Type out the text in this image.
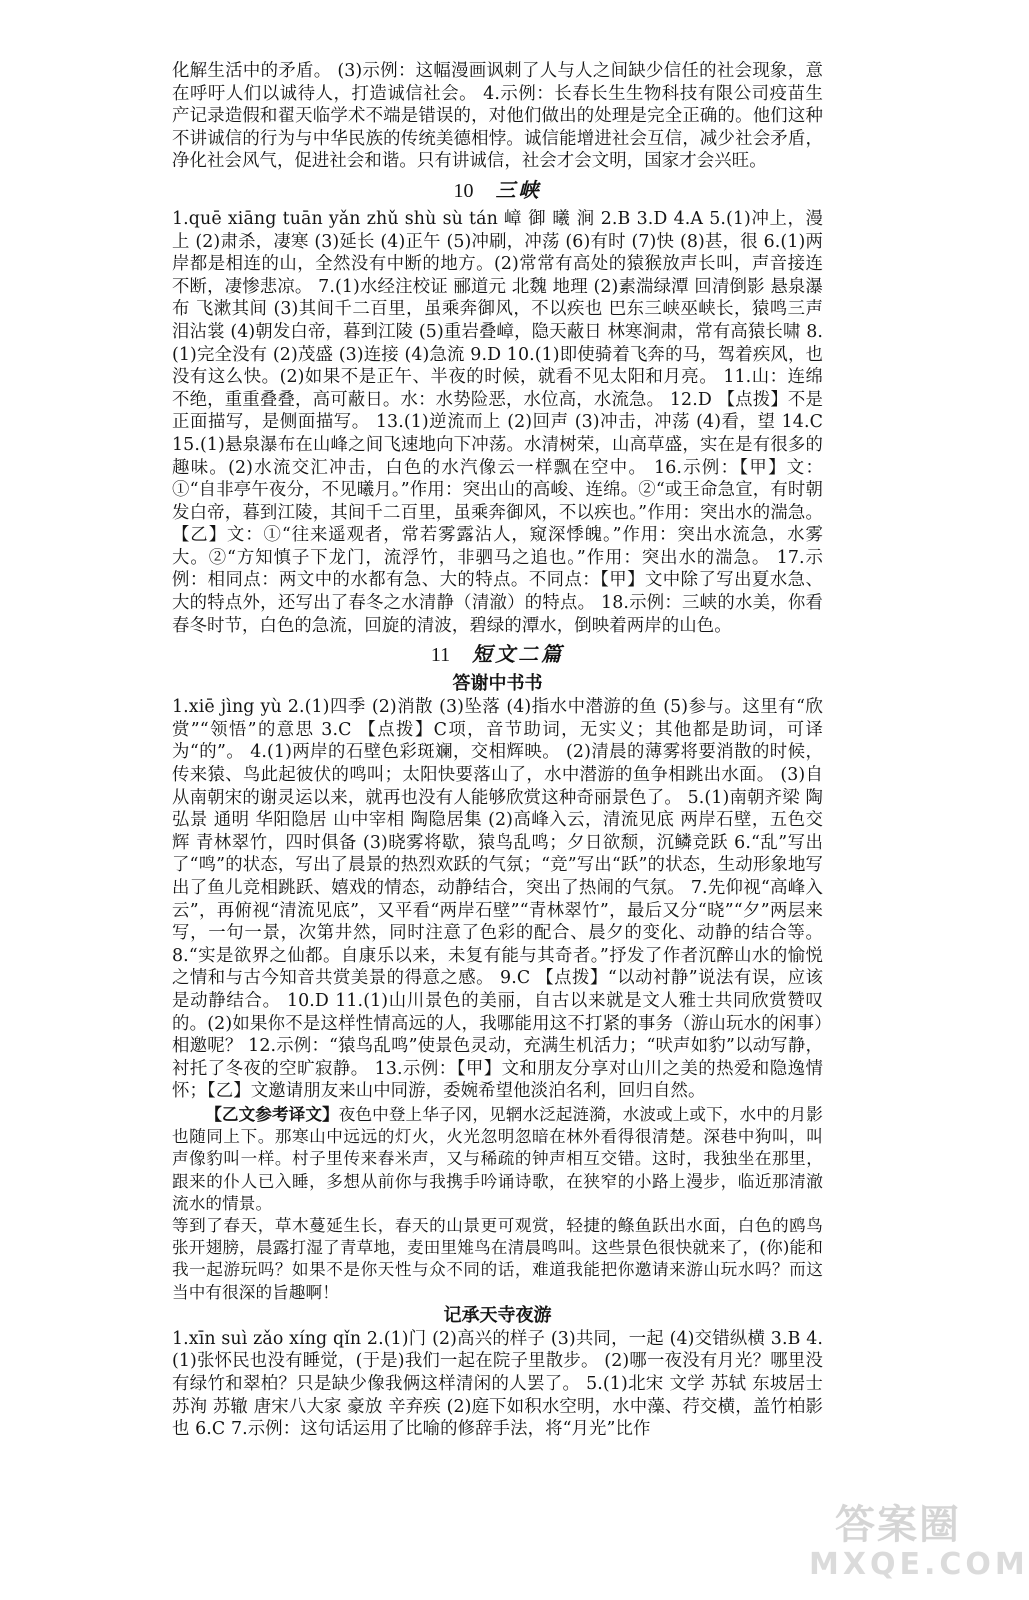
化解生活中的矛盾。 (3)示例：这幅漫画讽刺了人与人之间缺少信任的社会现象，意在呼吁人们以诚待人，打造诚信社会。 4.示例：长春长生生物科技有限公司疫苗生产记录造假和翟天临学术不端是错误的，对他们做出的处理是完全正确的。他们这种不讲诚信的行为与中华民族的传统美德相悖。诚信能增进社会互信，减少社会矛盾，净化社会风气，促进社会和谐。只有讲诚信，社会才会文明，国家才会兴旺。

10 三峡

1.quē xiāng tuān yǎn zhǔ shù sù tán 嶂 御 曦 涧 2.B 3.D 4.A 5.(1)冲上，漫上 (2)肃杀，凄寒 (3)延长 (4)正午 (5)冲刷，冲荡 (6)有时 (7)快 (8)甚，很 6.(1)两岸都是相连的山，全然没有中断的地方。(2)常常有高处的猿猴放声长叫，声音接连不断，凄惨悲凉。 7.(1)水经注校证 郦道元 北魏 地理 (2)素湍绿潭 回清倒影 悬泉瀑布 飞漱其间 (3)其间千二百里，虽乘奔御风，不以疾也 巴东三峡巫峡长，猿鸣三声泪沾裳 (4)朝发白帝，暮到江陵 (5)重岩叠嶂，隐天蔽日 林寒涧肃，常有高猿长啸 8.(1)完全没有 (2)茂盛 (3)连接 (4)急流 9.D 10.(1)即使骑着飞奔的马，驾着疾风，也没有这么快。(2)如果不是正午、半夜的时候，就看不见太阳和月亮。 11.山：连绵不绝，重重叠叠，高可蔽日。水：水势险恶，水位高，水流急。 12.D 【点拨】不是正面描写，是侧面描写。 13.(1)逆流而上 (2)回声 (3)冲击，冲荡 (4)看，望 14.C 15.(1)悬泉瀑布在山峰之间飞速地向下冲荡。水清树荣，山高草盛，实在是有很多的趣味。(2)水流交汇冲击，白色的水汽像云一样飘在空中。 16.示例：【甲】文：①“自非亭午夜分，不见曦月。”作用：突出山的高峻、连绵。②“或王命急宣，有时朝发白帝，暮到江陵，其间千二百里，虽乘奔御风，不以疾也。”作用：突出水的湍急。【乙】文：①“往来遥观者，常若雾露沾人，窥深悸魄。”作用：突出水流急，水雾大。②“方知慎子下龙门，流浮竹，非驷马之追也。”作用：突出水的湍急。 17.示例：相同点：两文中的水都有急、大的特点。不同点：【甲】文中除了写出夏水急、大的特点外，还写出了春冬之水清静（清澈）的特点。 18.示例：三峡的水美，你看春冬时节，白色的急流，回旋的清波，碧绿的潭水，倒映着两岸的山色。

11 短文二篇
答谢中书书

1.xiē jìng yù 2.(1)四季 (2)消散 (3)坠落 (4)指水中潜游的鱼 (5)参与。这里有“欣赏”“领悟”的意思 3.C 【点拨】C项，音节助词，无实义；其他都是助词，可译为“的”。 4.(1)两岸的石壁色彩斑斓，交相辉映。 (2)清晨的薄雾将要消散的时候，传来猿、鸟此起彼伏的鸣叫；太阳快要落山了，水中潜游的鱼争相跳出水面。 (3)自从南朝宋的谢灵运以来，就再也没有人能够欣赏这种奇丽景色了。 5.(1)南朝齐梁 陶弘景 通明 华阳隐居 山中宰相 陶隐居集 (2)高峰入云，清流见底 两岸石壁，五色交辉 青林翠竹，四时俱备 (3)晓雾将歇，猿鸟乱鸣；夕日欲颓，沉鳞竞跃 6.“乱”写出了“鸣”的状态，写出了晨景的热烈欢跃的气氛；“竞”写出“跃”的状态，生动形象地写出了鱼儿竞相跳跃、嬉戏的情态，动静结合，突出了热闹的气氛。 7.先仰视“高峰入云”，再俯视“清流见底”，又平看“两岸石壁”“青林翠竹”，最后又分“晓”“夕”两层来写，一句一景，次第井然，同时注意了色彩的配合、晨夕的变化、动静的结合等。 8.“实是欲界之仙都。自康乐以来，未复有能与其奇者。”抒发了作者沉醉山水的愉悦之情和与古今知音共赏美景的得意之感。 9.C 【点拨】“以动衬静”说法有误，应该是动静结合。 10.D 11.(1)山川景色的美丽，自古以来就是文人雅士共同欣赏赞叹的。(2)如果你不是这样性情高远的人，我哪能用这不打紧的事务（游山玩水的闲事）相邀呢？ 12.示例：“猿鸟乱鸣”使景色灵动，充满生机活力；“吠声如豹”以动写静，衬托了冬夜的空旷寂静。 13.示例：【甲】文和朋友分享对山川之美的热爱和隐逸情怀；【乙】文邀请朋友来山中同游，委婉希望他淡泊名利，回归自然。

【乙文参考译文】夜色中登上华子冈，见辋水泛起涟漪，水波或上或下，水中的月影也随同上下。那寒山中远远的灯火，火光忽明忽暗在林外看得很清楚。深巷中狗叫，叫声像豹叫一样。村子里传来舂米声，又与稀疏的钟声相互交错。这时，我独坐在那里，跟来的仆人已入睡，多想从前你与我携手吟诵诗歌，在狭窄的小路上漫步，临近那清澈流水的情景。

等到了春天，草木蔓延生长，春天的山景更可观赏，轻捷的鲦鱼跃出水面，白色的鸥鸟张开翅膀，晨露打湿了青草地，麦田里雉鸟在清晨鸣叫。这些景色很快就来了，(你)能和我一起游玩吗？如果不是你天性与众不同的话，难道我能把你邀请来游山玩水吗？而这当中有很深的旨趣啊！

记承天寺夜游

1.xīn suì zǎo xíng qǐn 2.(1)门 (2)高兴的样子 (3)共同，一起 (4)交错纵横 3.B 4.(1)张怀民也没有睡觉，(于是)我们一起在院子里散步。 (2)哪一夜没有月光？哪里没有绿竹和翠柏？只是缺少像我俩这样清闲的人罢了。 5.(1)北宋 文学 苏轼 东坡居士 苏洵 苏辙 唐宋八大家 豪放 辛弃疾 (2)庭下如积水空明，水中藻、荇交横，盖竹柏影也 6.C 7.示例：这句话运用了比喻的修辞手法，将“月光”比作

答案圈
MXQE.COM
